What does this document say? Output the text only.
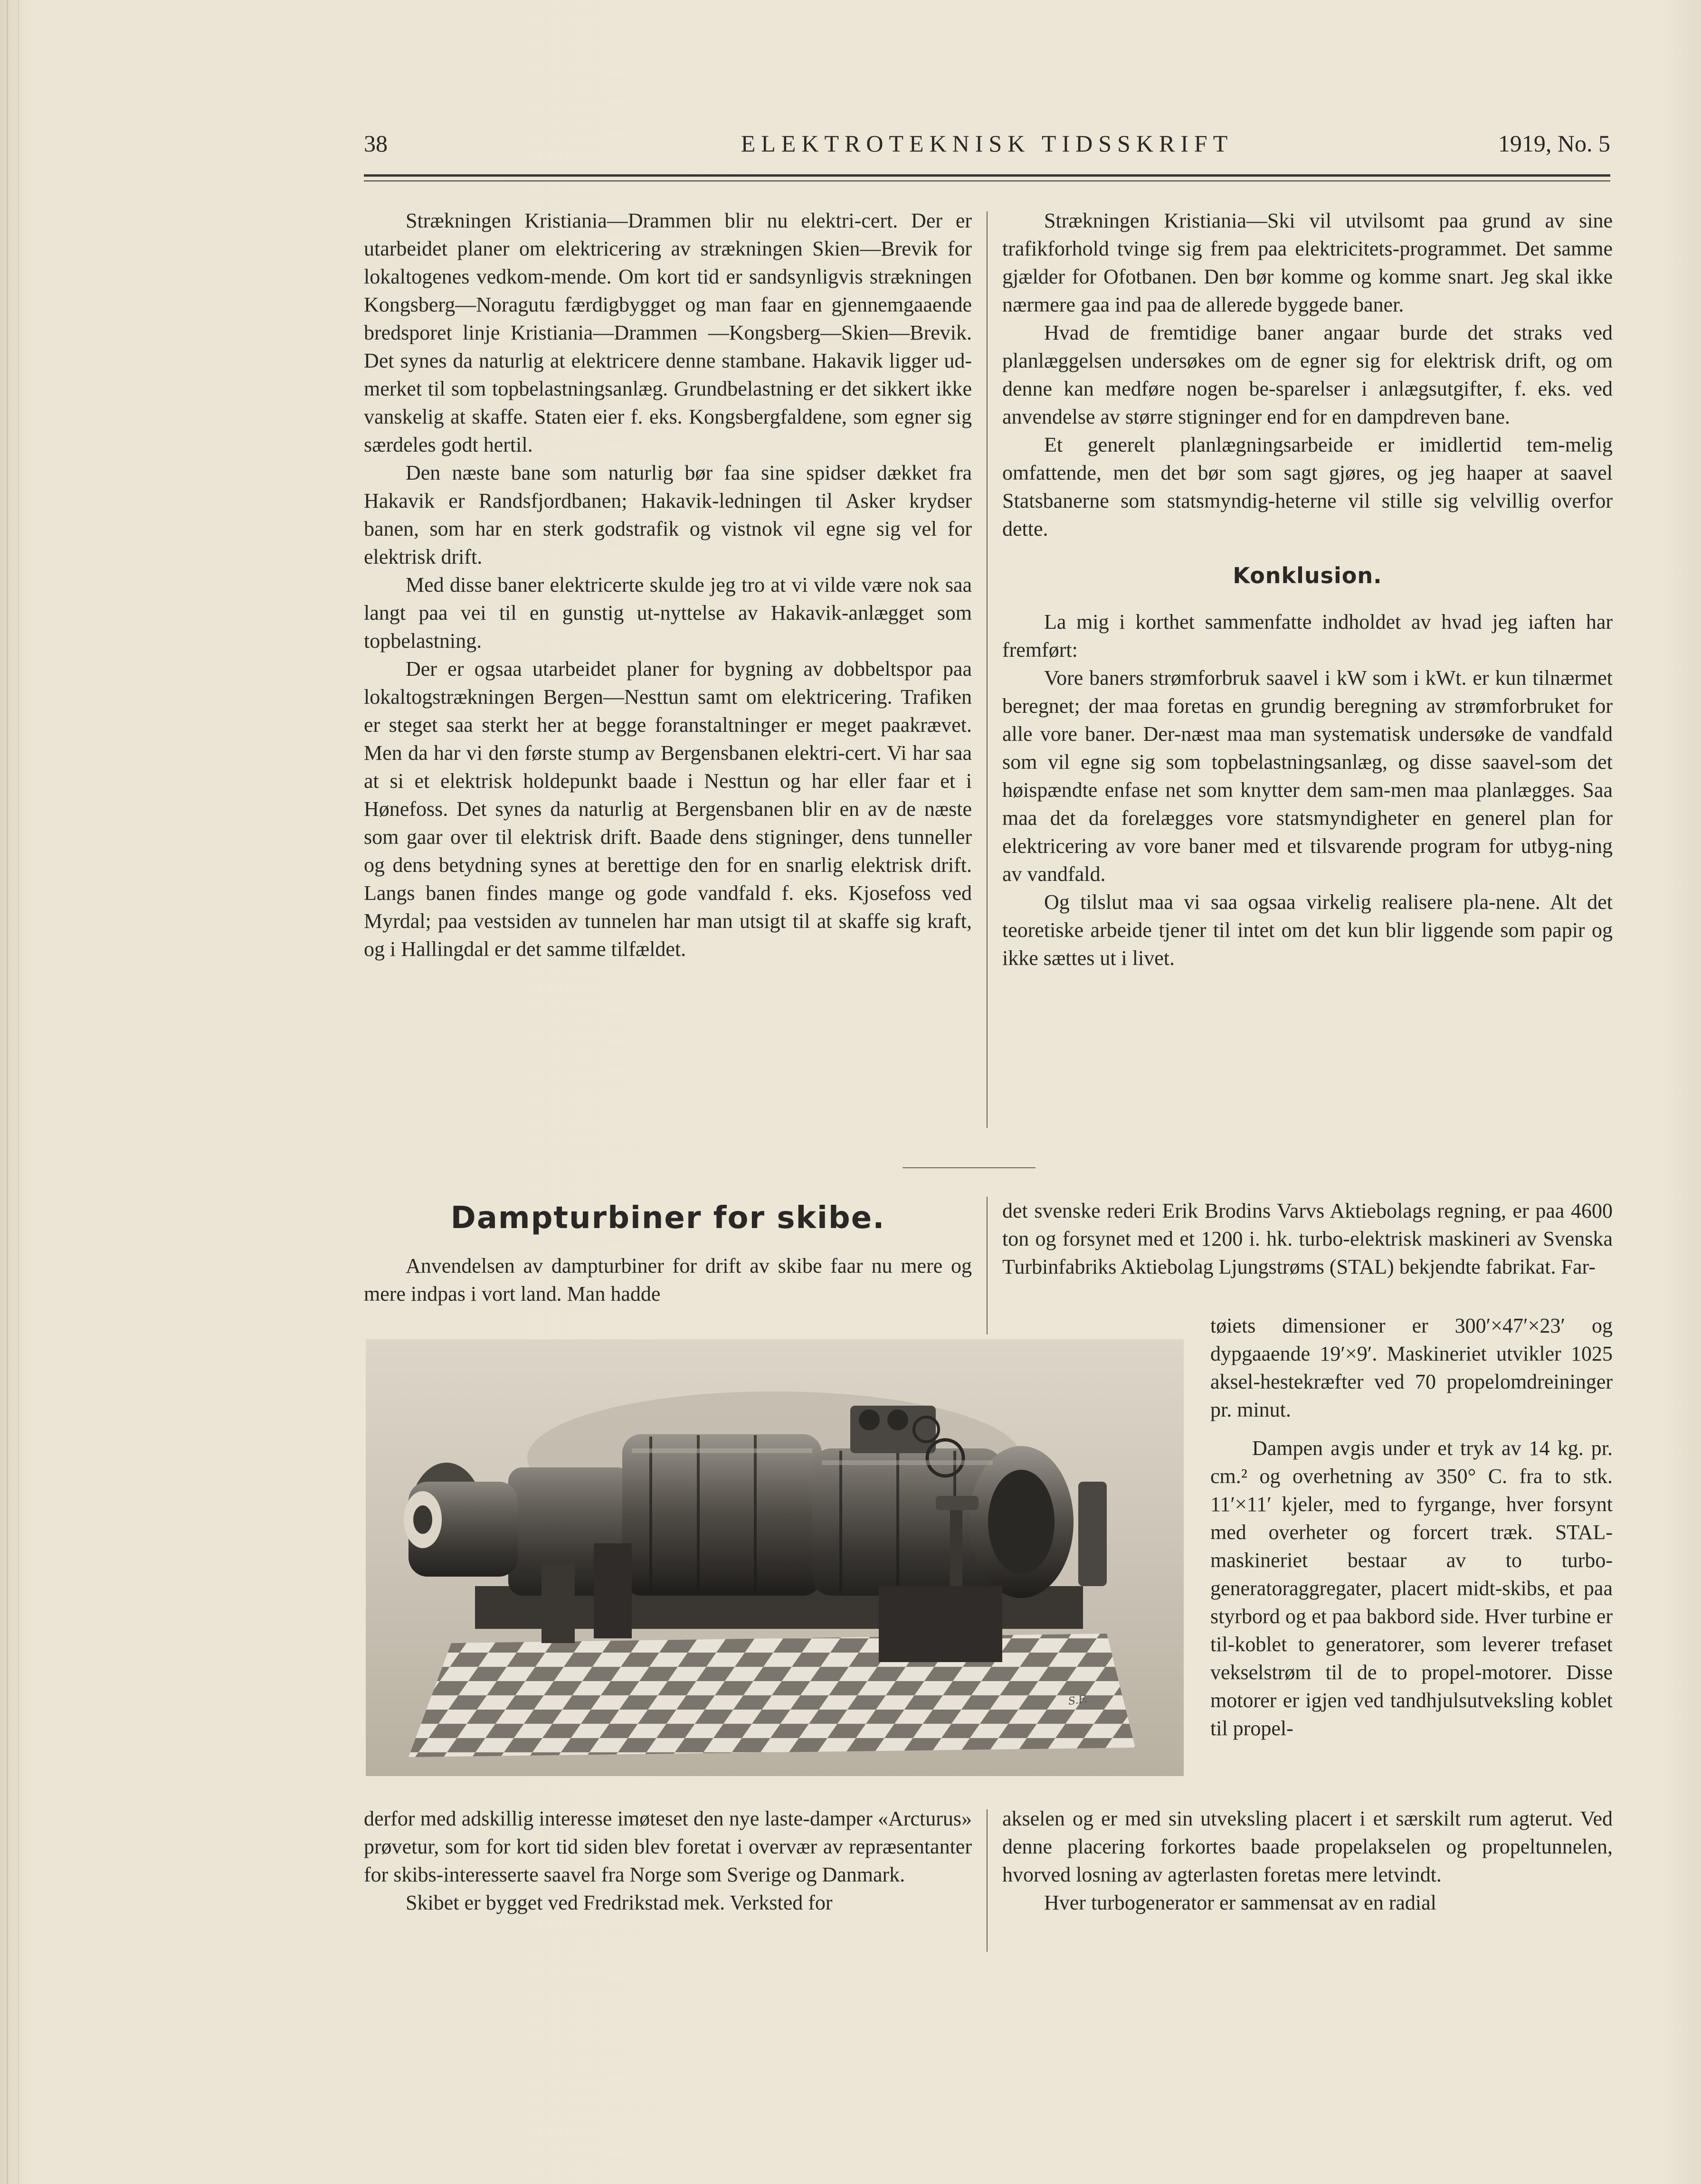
38	ELEKTROTEKNISK TIDSSKRIFT	1919, No. 5

Strækningen Kristiania—Drammen blir nu elektri-cert. Der er utarbeidet planer om elektricering av strækningen Skien—Brevik for lokaltogenes vedkom-mende. Om kort tid er sandsynligvis strækningen Kongsberg—Noragutu færdigbygget og man faar en gjennemgaaende bredsporet linje Kristiania—Drammen —Kongsberg—Skien—Brevik. Det synes da naturlig at elektricere denne stambane. Hakavik ligger ud-merket til som topbelastningsanlæg. Grundbelastning er det sikkert ikke vanskelig at skaffe. Staten eier f. eks. Kongsbergfaldene, som egner sig særdeles godt hertil.

Den næste bane som naturlig bør faa sine spidser dækket fra Hakavik er Randsfjordbanen; Hakavik-ledningen til Asker krydser banen, som har en sterk godstrafik og vistnok vil egne sig vel for elektrisk drift.

Med disse baner elektricerte skulde jeg tro at vi vilde være nok saa langt paa vei til en gunstig ut-nyttelse av Hakavik-anlægget som topbelastning.

Der er ogsaa utarbeidet planer for bygning av dobbeltspor paa lokaltogstrækningen Bergen—Nesttun samt om elektricering. Trafiken er steget saa sterkt her at begge foranstaltninger er meget paakrævet. Men da har vi den første stump av Bergensbanen elektri-cert. Vi har saa at si et elektrisk holdepunkt baade i Nesttun og har eller faar et i Hønefoss. Det synes da naturlig at Bergensbanen blir en av de næste som gaar over til elektrisk drift. Baade dens stigninger, dens tunneller og dens betydning synes at berettige den for en snarlig elektrisk drift. Langs banen findes mange og gode vandfald f. eks. Kjosefoss ved Myrdal; paa vestsiden av tunnelen har man utsigt til at skaffe sig kraft, og i Hallingdal er det samme tilfældet.

Strækningen Kristiania—Ski vil utvilsomt paa grund av sine trafikforhold tvinge sig frem paa elektricitets-programmet. Det samme gjælder for Ofotbanen. Den bør komme og komme snart. Jeg skal ikke nærmere gaa ind paa de allerede byggede baner.

Hvad de fremtidige baner angaar burde det straks ved planlæggelsen undersøkes om de egner sig for elektrisk drift, og om denne kan medføre nogen be-sparelser i anlægsutgifter, f. eks. ved anvendelse av større stigninger end for en dampdreven bane.

Et generelt planlægningsarbeide er imidlertid tem-melig omfattende, men det bør som sagt gjøres, og jeg haaper at saavel Statsbanerne som statsmyndig-heterne vil stille sig velvillig overfor dette.

Konklusion.

La mig i korthet sammenfatte indholdet av hvad jeg iaften har fremført:

Vore baners strømforbruk saavel i kW som i kWt. er kun tilnærmet beregnet; der maa foretas en grundig beregning av strømforbruket for alle vore baner. Der-næst maa man systematisk undersøke de vandfald som vil egne sig som topbelastningsanlæg, og disse saavel-som det høispændte enfase net som knytter dem sam-men maa planlægges. Saa maa det da forelægges vore statsmyndigheter en generel plan for elektricering av vore baner med et tilsvarende program for utbyg-ning av vandfald.

Og tilslut maa vi saa ogsaa virkelig realisere pla-nene. Alt det teoretiske arbeide tjener til intet om det kun blir liggende som papir og ikke sættes ut i livet.

Dampturbiner for skibe.

Anvendelsen av dampturbiner for drift av skibe faar nu mere og mere indpas i vort land. Man hadde

det svenske rederi Erik Brodins Varvs Aktiebolags regning, er paa 4600 ton og forsynet med et 1200 i. hk. turbo-elektrisk maskineri av Svenska Turbinfabriks Aktiebolag Ljungstrøms (STAL) bekjendte fabrikat. Far-

S.F.

tøiets dimensioner er 300′×47′×23′ og dypgaaende 19′×9′. Maskineriet utvikler 1025 aksel-hestekræfter ved 70 propelomdreininger pr. minut.

Dampen avgis under et tryk av 14 kg. pr. cm.² og overhetning av 350° C. fra to stk. 11′×11′ kjeler, med to fyrgange, hver forsynt med overheter og forcert træk. STAL-maskineriet bestaar av to turbo-generatoraggregater, placert midt-skibs, et paa styrbord og et paa bakbord side. Hver turbine er til-koblet to generatorer, som leverer trefaset vekselstrøm til de to propel-motorer. Disse motorer er igjen ved tandhjulsutveksling koblet til propel-

derfor med adskillig interesse imøteset den nye laste-damper «Arcturus» prøvetur, som for kort tid siden blev foretat i overvær av repræsentanter for skibs-interesserte saavel fra Norge som Sverige og Danmark.

Skibet er bygget ved Fredrikstad mek. Verksted for

akselen og er med sin utveksling placert i et særskilt rum agterut. Ved denne placering forkortes baade propelakselen og propeltunnelen, hvorved losning av agterlasten foretas mere letvindt.

Hver turbogenerator er sammensat av en radial
